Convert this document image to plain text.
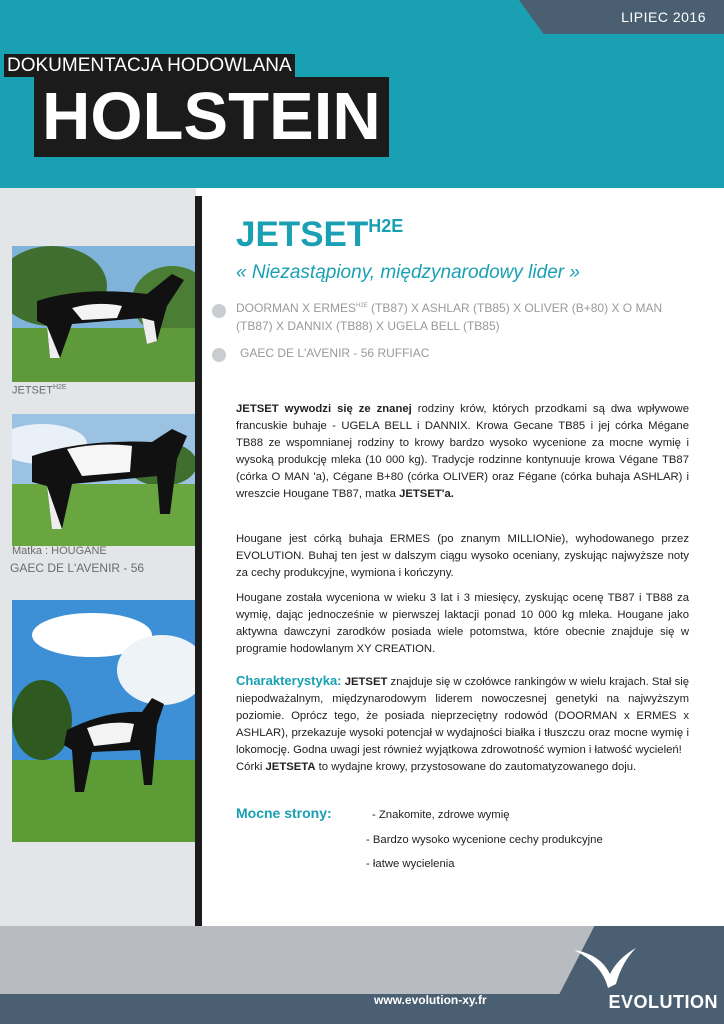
LIPIEC 2016
DOKUMENTACJA HODOWLANA
HOLSTEIN
$JETSET^{H2E}$
Matka : HOUGANE
GAEC DE L'AVENIR - 56
$JETSET^{H2E}$
« Niezastąpiony, międzynarodowy lider »
DOORMAN X $ERMES^{H2E}$ (TB87) X ASHLAR (TB85) X OLIVER (B+80) X O MAN (TB87) X DANNIX (TB88) X UGELA BELL (TB85)
GAEC DE L'AVENIR - 56 RUFFIAC
JETSET wywodzi się ze znanej rodziny krów, których przodkami są dwa wpływowe francuskie buhaje - UGELA BELL i DANNIX. Krowa Gecane TB85 i jej córka Mégane TB88 ze wspomnianej rodziny to krowy bardzo wysoko wycenione za mocne wymię i wysoką produkcję mleka (10 000 kg). Tradycje rodzinne kontynuuje krowa Végane TB87 (córka O MAN 'a), Cégane B+80 (córka OLIVER) oraz Fégane (córka buhaja ASHLAR) i wreszcie Hougane TB87, matka JETSET'a.
Hougane jest córką buhaja ERMES (po znanym MILLIONie), wyhodowanego przez EVOLUTION. Buhaj ten jest w dalszym ciągu wysoko oceniany, zyskując najwyższe noty za cechy produkcyjne, wymiona i kończyny.
Hougane została wyceniona w wieku 3 lat i 3 miesięcy, zyskując ocenę TB87 i TB88 za wymię, dając jednocześnie w pierwszej laktacji ponad 10 000 kg mleka. Hougane jako aktywna dawczyni zarodków posiada wiele potomstwa, które obecnie znajduje się w programie hodowlanym XY CREATION.
Charakterystyka: JETSET znajduje się w czołówce rankingów w wielu krajach. Stał się niepodważalnym, międzynarodowym liderem nowoczesnej genetyki na najwyższym poziomie. Oprócz tego, że posiada nieprzeciętny rodowód (DOORMAN x ERMES x ASHLAR), przekazuje wysoki potencjał w wydajności białka i tłuszczu oraz mocne wymię i lokomocję. Godna uwagi jest również wyjątkowa zdrowotność wymion i łatwość wycieleń!
Córki JETSETA to wydajne krowy, przystosowane do zautomatyzowanego doju.
Mocne strony:	- Znakomite, zdrowe wymię
- Bardzo wysoko wycenione cechy produkcyjne
- łatwe wycielenia
www.evolution-xy.fr	EVOLUTION
